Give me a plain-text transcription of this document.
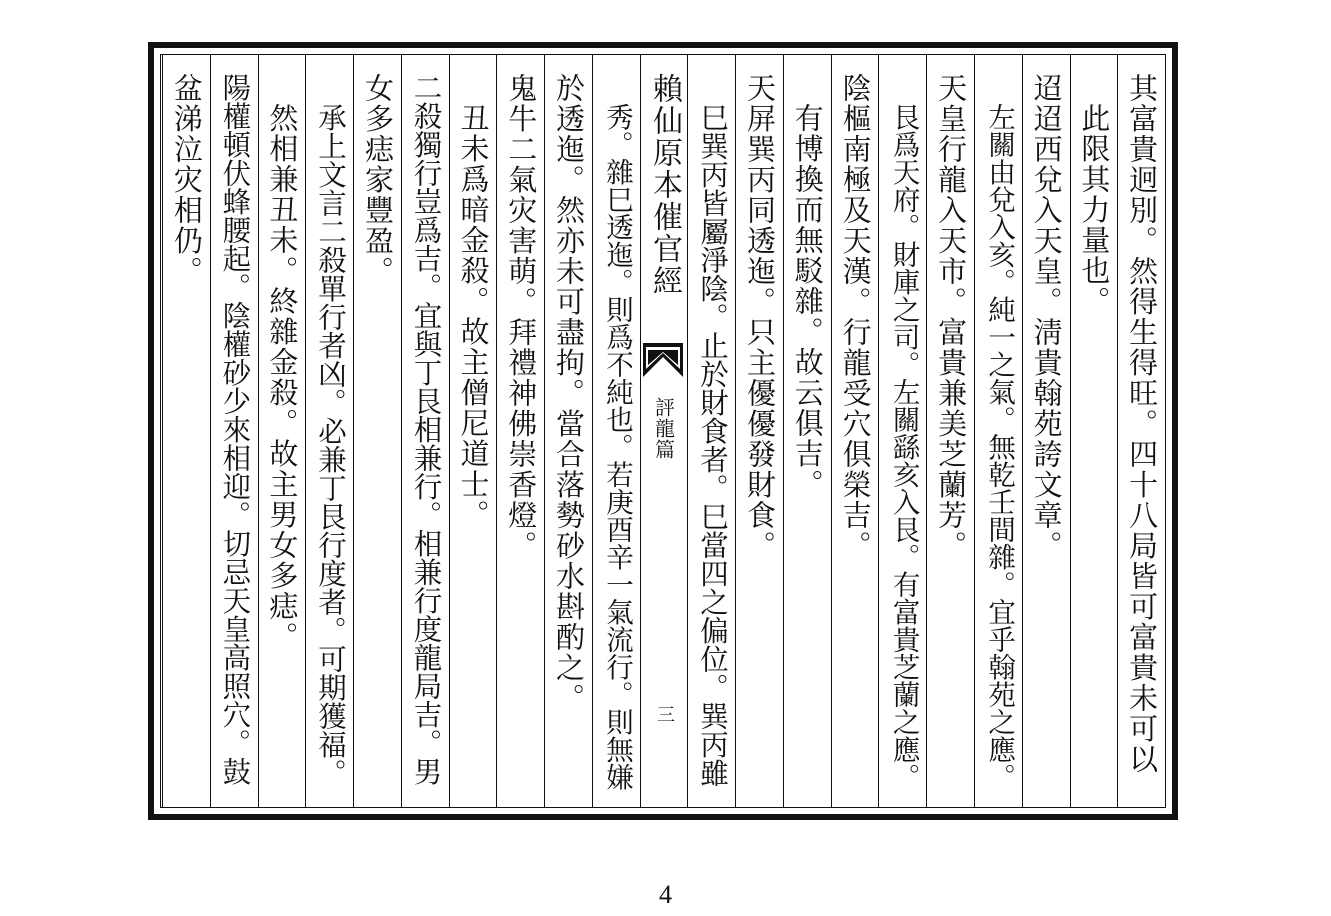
其富貴迥別。然得生得旺。四十八局皆可富貴未可以
此限其力量也。
迢迢西兌入天皇。淸貴翰苑誇文章。
左關由兌入亥。純一之氣。無乾壬間雜。宜乎翰苑之應。
天皇行龍入天市。富貴兼美芝蘭芳。
艮爲天府。財庫之司。左關繇亥入艮。有富貴芝蘭之應。
陰樞南極及天漢。行龍受穴俱榮吉。
有博換而無駁雜。故云俱吉。
天屏巽丙同透迤。只主優優發財食。
巳巽丙皆屬淨陰。止於財食者。巳當四之偏位。巽丙雖
賴仙原本催官經
評龍篇
三
秀。雜巳透迤。則爲不純也。若庚酉辛一氣流行。則無嫌
於透迤。然亦未可盡拘。當合落勢砂水斟酌之。
鬼牛二氣灾害萌。拜禮神佛崇香燈。
丑未爲暗金殺。故主僧尼道士。
二殺獨行豈爲吉。宜與丁艮相兼行。相兼行度龍局吉。男
女多痣家豐盈。
承上文言二殺單行者凶。必兼丁艮行度者。可期獲福。
然相兼丑未。終雜金殺。故主男女多痣。
陽權頓伏蜂腰起。陰權砂少來相迎。切忌天皇高照穴。鼓
盆涕泣灾相仍。
4
